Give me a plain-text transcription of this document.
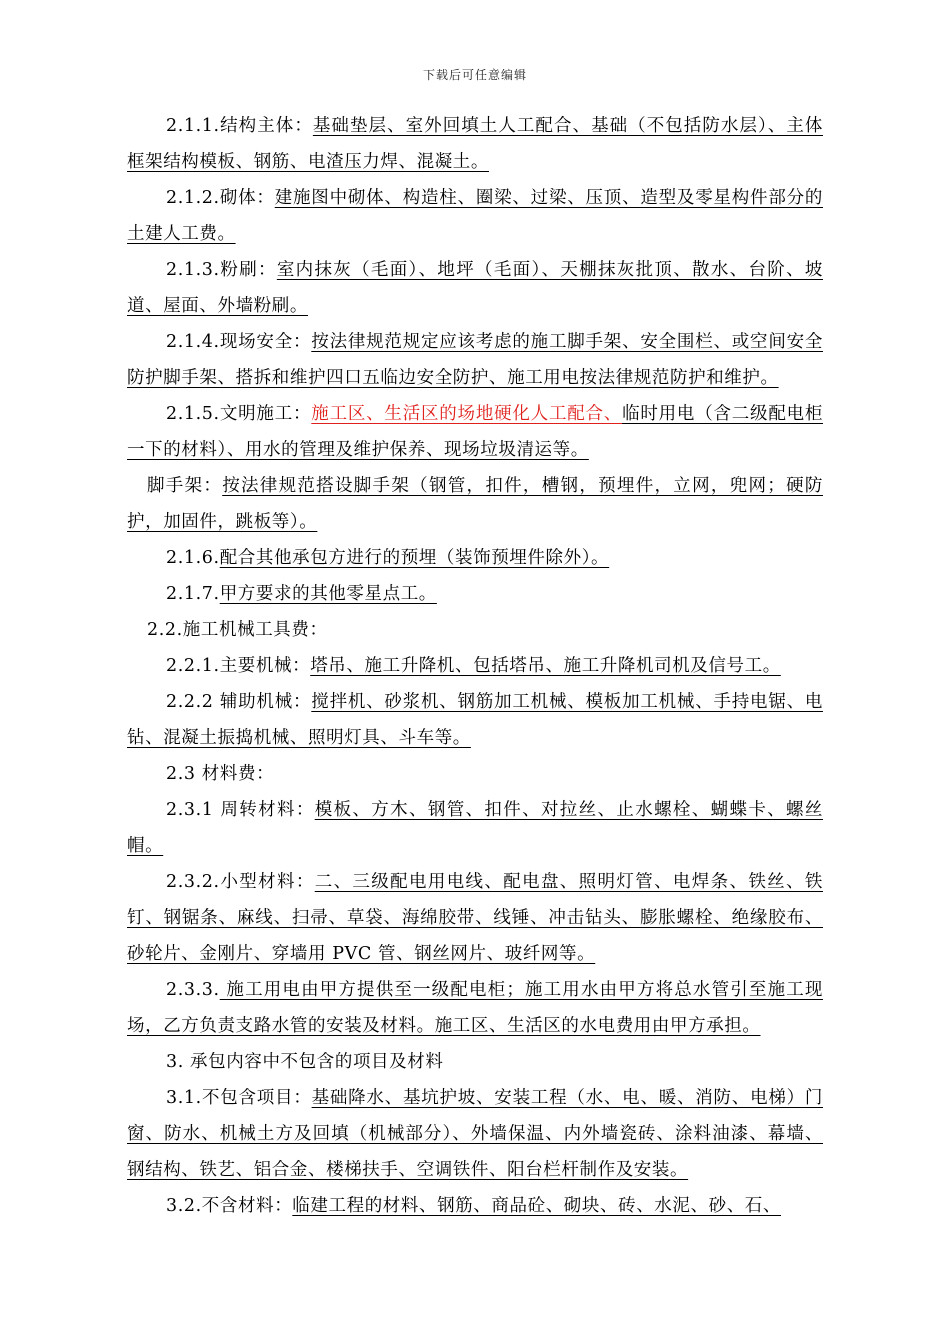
下载后可任意编辑

2.1.1.结构主体：基础垫层、室外回填土人工配合、基础（不包括防水层）、主体框架结构模板、钢筋、电渣压力焊、混凝土。

2.1.2.砌体：建施图中砌体、构造柱、圈梁、过梁、压顶、造型及零星构件部分的土建人工费。

2.1.3.粉刷：室内抹灰（毛面）、地坪（毛面）、天棚抹灰批顶、散水、台阶、坡道、屋面、外墙粉刷。

2.1.4.现场安全：按法律规范规定应该考虑的施工脚手架、安全围栏、或空间安全防护脚手架、搭拆和维护四口五临边安全防护、施工用电按法律规范防护和维护。

2.1.5.文明施工：施工区、生活区的场地硬化人工配合、临时用电（含二级配电柜一下的材料）、用水的管理及维护保养、现场垃圾清运等。

脚手架：按法律规范搭设脚手架（钢管，扣件，槽钢，预埋件，立网，兜网；硬防护，加固件，跳板等）。

2.1.6.配合其他承包方进行的预埋（装饰预埋件除外）。

2.1.7.甲方要求的其他零星点工。

2.2.施工机械工具费：

2.2.1.主要机械：塔吊、施工升降机、包括塔吊、施工升降机司机及信号工。

2.2.2 辅助机械：搅拌机、砂浆机、钢筋加工机械、模板加工机械、手持电锯、电钻、混凝土振捣机械、照明灯具、斗车等。

2.3 材料费：

2.3.1 周转材料：模板、方木、钢管、扣件、对拉丝、止水螺栓、蝴蝶卡、螺丝帽。

2.3.2.小型材料：二、三级配电用电线、配电盘、照明灯管、电焊条、铁丝、铁钉、钢锯条、麻线、扫帚、草袋、海绵胶带、线锤、冲击钻头、膨胀螺栓、绝缘胶布、砂轮片、金刚片、穿墙用 PVC 管、钢丝网片、玻纤网等。

2.3.3. 施工用电由甲方提供至一级配电柜；施工用水由甲方将总水管引至施工现场，乙方负责支路水管的安装及材料。施工区、生活区的水电费用由甲方承担。

3. 承包内容中不包含的项目及材料

3.1.不包含项目：基础降水、基坑护坡、安装工程（水、电、暖、消防、电梯）门窗、防水、机械土方及回填（机械部分）、外墙保温、内外墙瓷砖、涂料油漆、幕墙、钢结构、铁艺、铝合金、楼梯扶手、空调铁件、阳台栏杆制作及安装。

3.2.不含材料：临建工程的材料、钢筋、商品砼、砌块、砖、水泥、砂、石、
